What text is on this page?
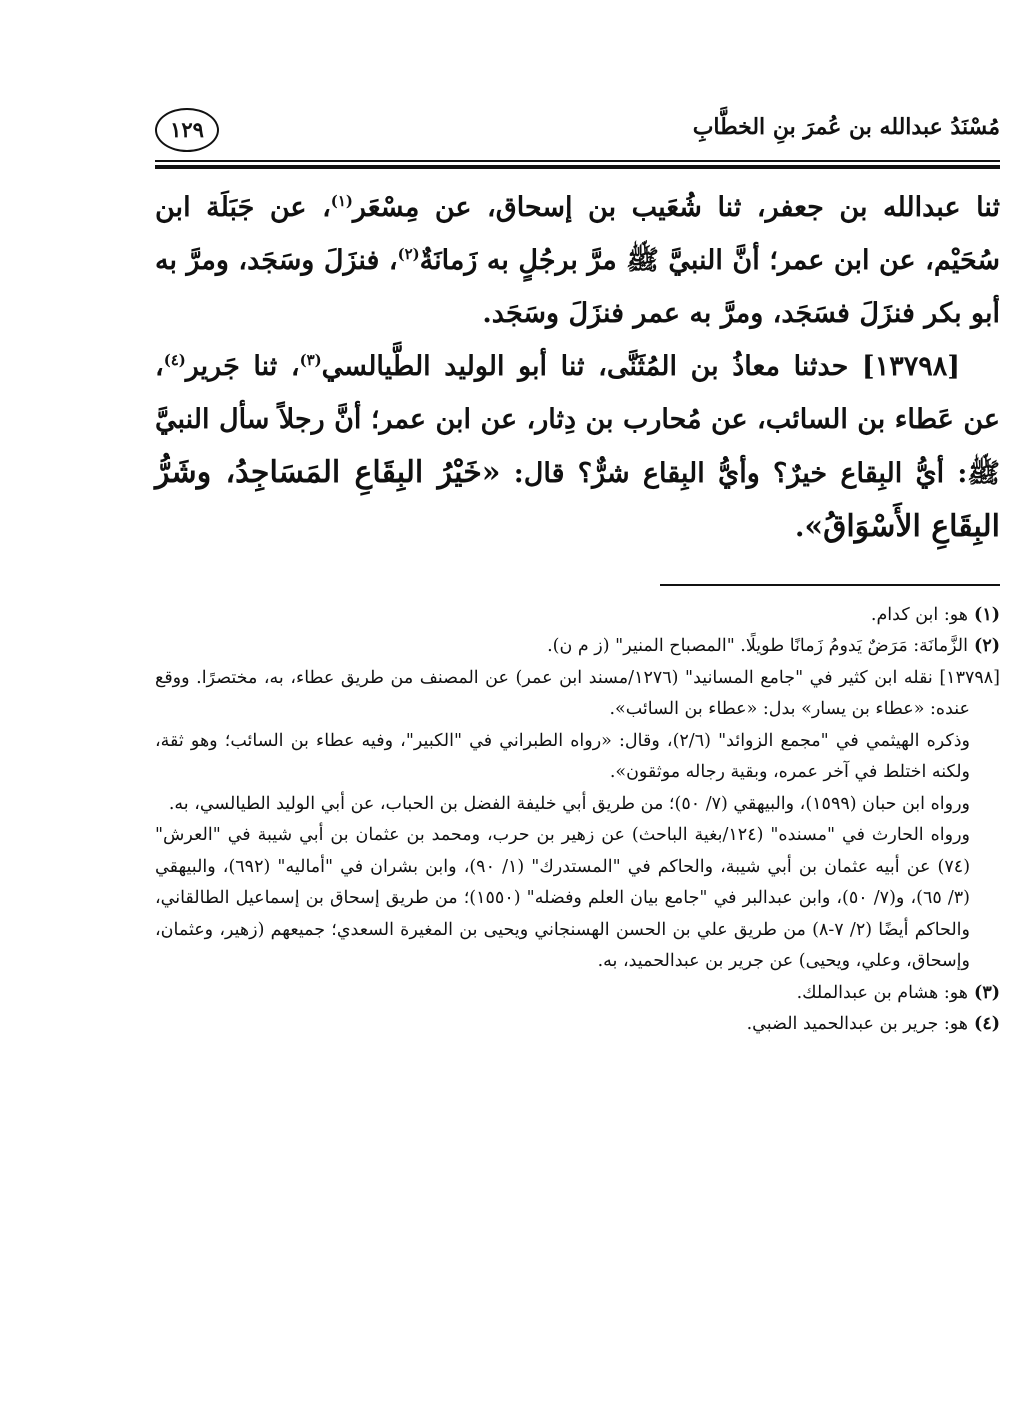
مُسْنَدُ عبدالله بن عُمرَ بنِ الخطَّابِ
١٢٩

ثنا عبدالله بن جعفر، ثنا شُعَيب بن إسحاق، عن مِسْعَر$^{(١)}$، عن جَبَلَة ابن سُحَيْم، عن ابن عمر؛ أنَّ النبيَّ ﷺ مرَّ برجُلٍ به زَمانَةٌ$^{(٢)}$، فنزَلَ وسَجَد، ومرَّ به أبو بكر فنزَلَ فسَجَد، ومرَّ به عمر فنزَلَ وسَجَد.

[١٣٧٩٨] حدثنا معاذُ بن المُثَنَّى، ثنا أبو الوليد الطَّيالسي$^{(٣)}$، ثنا جَرير$^{(٤)}$، عن عَطاء بن السائب، عن مُحارب بن دِثار، عن ابن عمر؛ أنَّ رجلاً سأل النبيَّ ﷺ: أيُّ البِقاع خيرٌ؟ وأيُّ البِقاع شرٌّ؟ قال: «خَيْرُ البِقَاعِ المَسَاجِدُ، وشَرُّ البِقَاعِ الأَسْوَاقُ».

(١)هو: ابن كدام.

(٢)الزَّمانَة: مَرَضٌ يَدومُ زَمانًا طويلًا. "المصباح المنير" (ز م ن).

[١٣٧٩٨] نقله ابن كثير في "جامع المسانيد" (١٢٧٦/مسند ابن عمر) عن المصنف من طريق عطاء، به، مختصرًا. ووقع عنده: «عطاء بن يسار» بدل: «عطاء بن السائب».

وذكره الهيثمي في "مجمع الزوائد" (٢/٦)، وقال: «رواه الطبراني في "الكبير"، وفيه عطاء بن السائب؛ وهو ثقة، ولكنه اختلط في آخر عمره، وبقية رجاله موثقون».

ورواه ابن حبان (١٥٩٩)، والبيهقي (٧/ ٥٠)؛ من طريق أبي خليفة الفضل بن الحباب، عن أبي الوليد الطيالسي، به.

ورواه الحارث في "مسنده" (١٢٤/بغية الباحث) عن زهير بن حرب، ومحمد بن عثمان بن أبي شيبة في "العرش" (٧٤) عن أبيه عثمان بن أبي شيبة، والحاكم في "المستدرك" (١/ ٩٠)، وابن بشران في "أماليه" (٦٩٢)، والبيهقي (٣/ ٦٥)، و(٧/ ٥٠)، وابن عبدالبر في "جامع بيان العلم وفضله" (١٥٥٠)؛ من طريق إسحاق بن إسماعيل الطالقاني، والحاكم أيضًا (٢/ ٧-٨) من طريق علي بن الحسن الهسنجاني ويحيى بن المغيرة السعدي؛ جميعهم (زهير، وعثمان، وإسحاق، وعلي، ويحيى) عن جرير بن عبدالحميد، به.

(٣)هو: هشام بن عبدالملك.

(٤)هو: جرير بن عبدالحميد الضبي.
